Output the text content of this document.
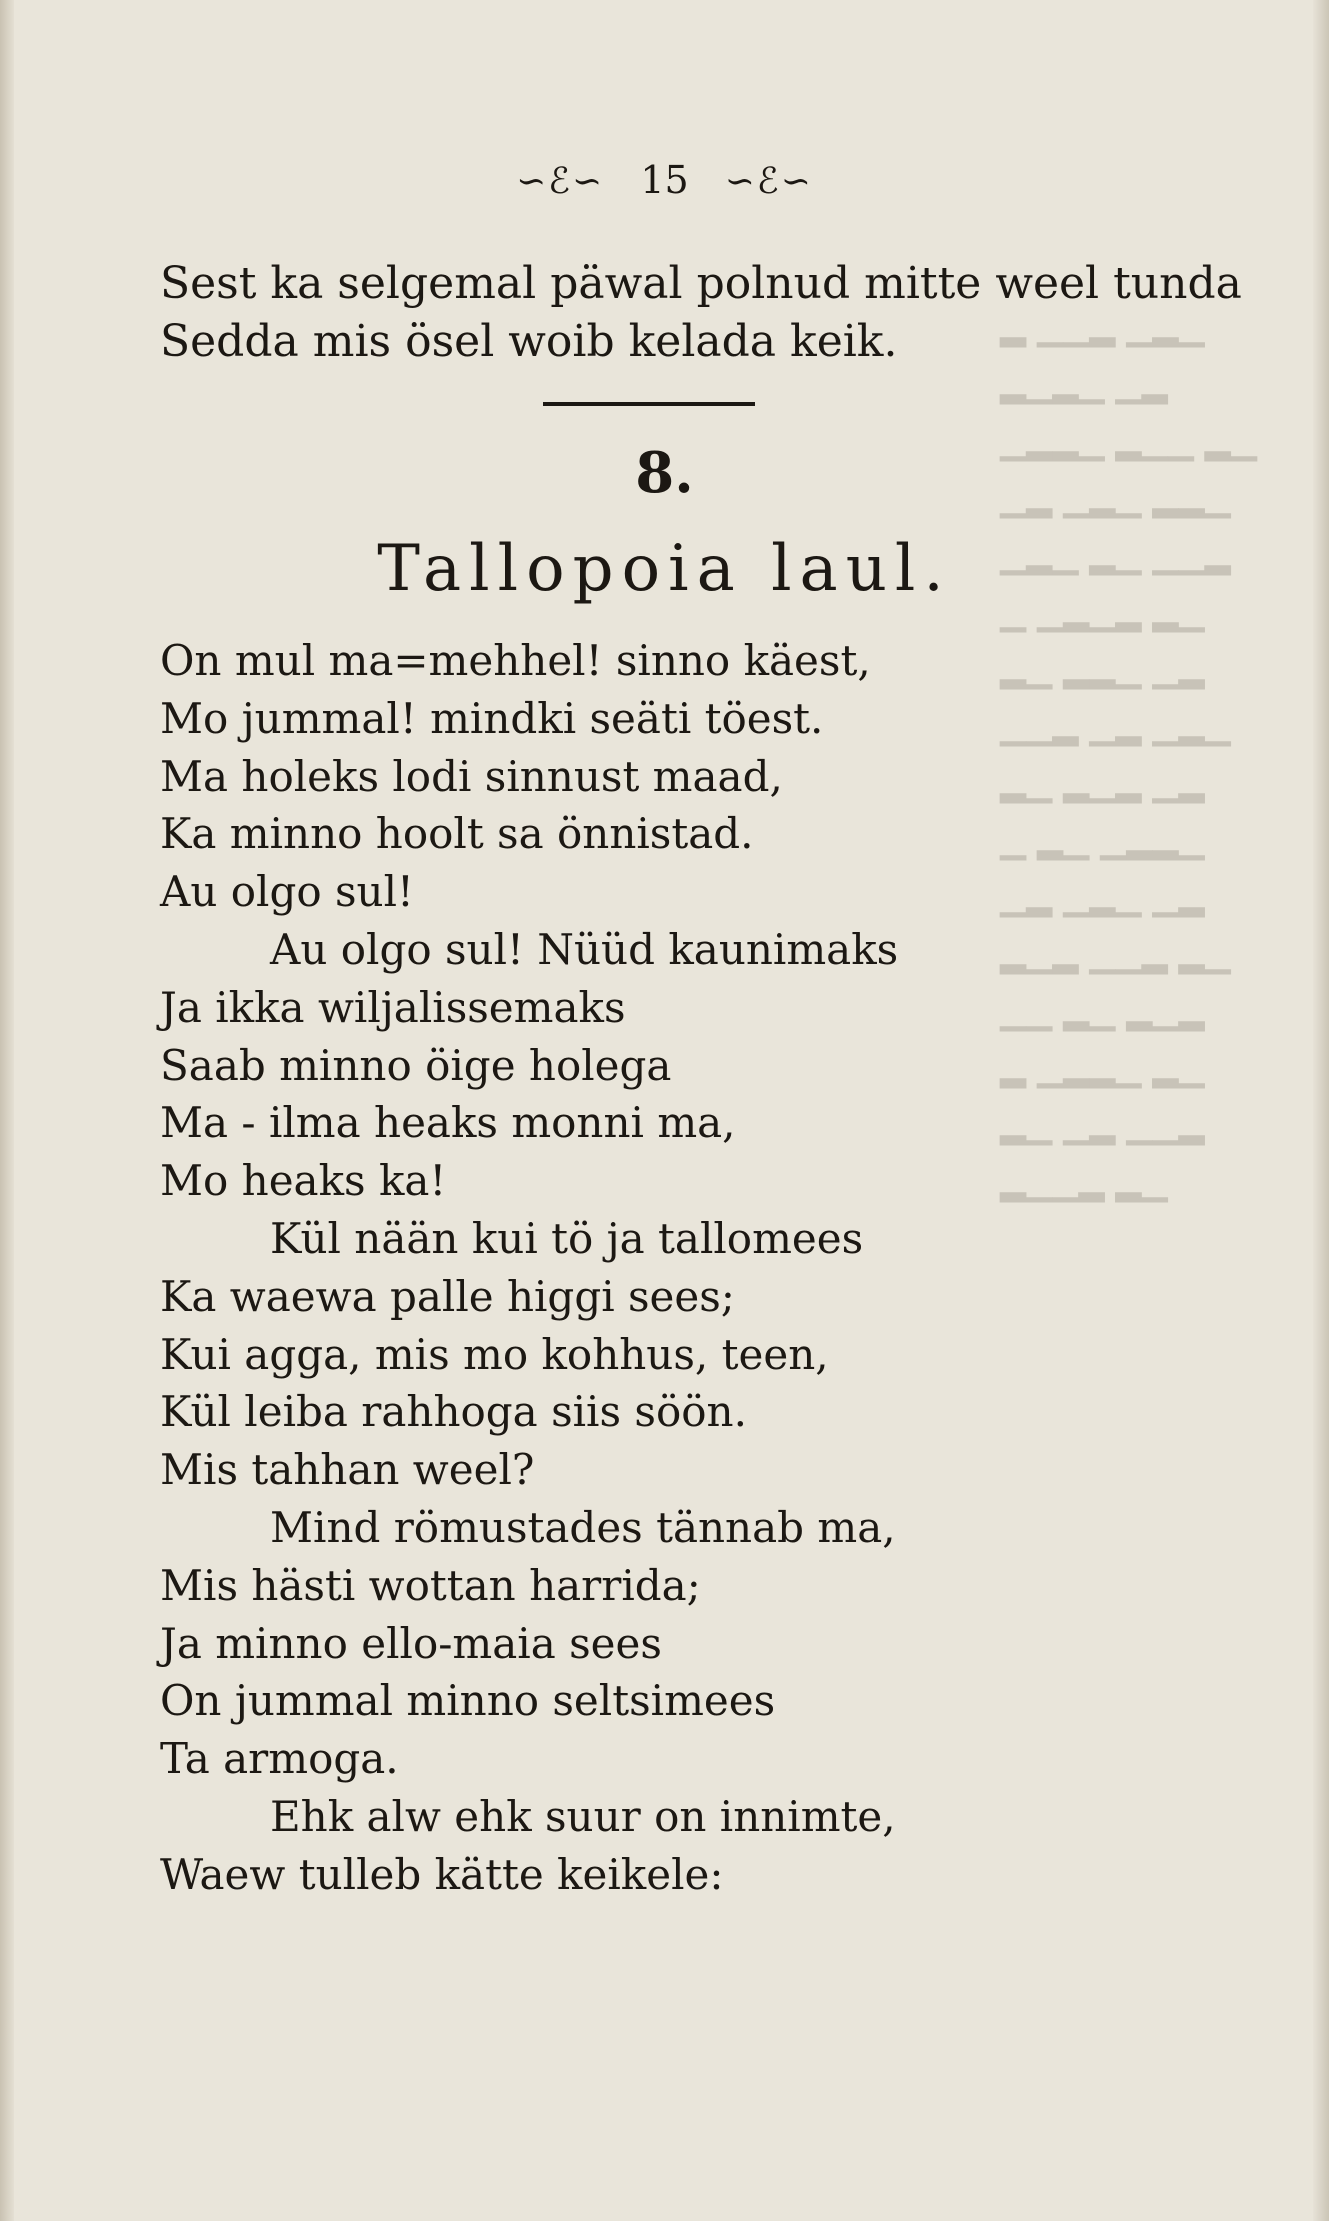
▁▂▁ ▂▁▁ ▂
▂▁ ▁▂▁▂
▁▂ ▁▁▂ ▁▂▂▁
▁▂▂ ▁▂▁ ▂▁
▂▁▁ ▁▂ ▁▂▁
▁▂ ▂▁▂▁ ▁
▂▁ ▁▂▂ ▁▂
▁▂▁ ▂▁ ▂▁▁
▂▁ ▂▁▂ ▁▂
▁▂▂▁ ▁▂ ▁
▂▁ ▁▂▁ ▂▁
▁▂ ▂▁▁ ▂▁▂
▂▁▂ ▁▂ ▁▁
▁▂ ▁▂▂▁ ▂
▂▁▁ ▂▁ ▁▂
▁▂ ▂▁▁▂
∽ℰ∽ 15 ∽ℰ∽
Sest ka selgemal päwal polnud mitte weel tunda
Sedda mis ösel woib kelada keik.
8.
Tallopoia laul.
On mul ma=mehhel! sinno käest,
Mo jummal! mindki seäti töest.
Ma holeks lodi sinnust maad,
Ka minno hoolt sa önnistad.
Au olgo sul!
Au olgo sul! Nüüd kaunimaks
Ja ikka wiljalissemaks
Saab minno öige holega
Ma - ilma heaks monni ma,
Mo heaks ka!
Kül nään kui tö ja tallomees
Ka waewa palle higgi sees;
Kui agga, mis mo kohhus, teen,
Kül leiba rahhoga siis söön.
Mis tahhan weel?
Mind römustades tännab ma,
Mis hästi wottan harrida;
Ja minno ello-maia sees
On jummal minno seltsimees
Ta armoga.
Ehk alw ehk suur on innimte,
Waew tulleb kätte keikele:
